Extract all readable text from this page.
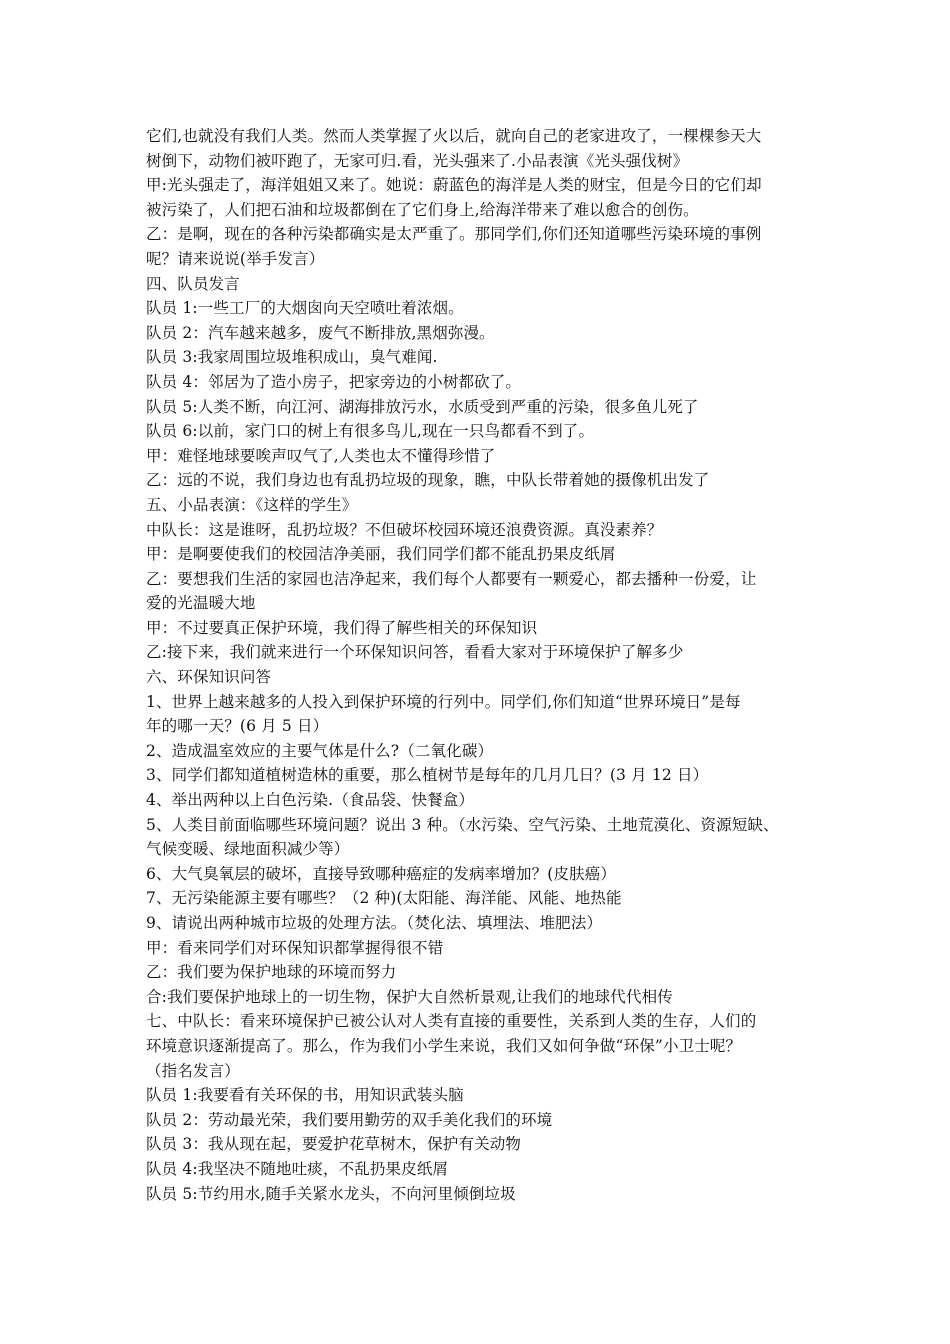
它们,也就没有我们人类。然而人类掌握了火以后，就向自己的老家进攻了，一棵棵参天大
树倒下，动物们被吓跑了，无家可归.看，光头强来了.小品表演《光头强伐树》
甲:光头强走了，海洋姐姐又来了。她说：蔚蓝色的海洋是人类的财宝，但是今日的它们却
被污染了，人们把石油和垃圾都倒在了它们身上,给海洋带来了难以愈合的创伤。
乙：是啊，现在的各种污染都确实是太严重了。那同学们,你们还知道哪些污染环境的事例
呢？请来说说(举手发言）
四、队员发言
队员 1:一些工厂的大烟囱向天空喷吐着浓烟。
队员 2：汽车越来越多，废气不断排放,黑烟弥漫。
队员 3:我家周围垃圾堆积成山，臭气难闻.
队员 4：邻居为了造小房子，把家旁边的小树都砍了。
队员 5:人类不断，向江河、湖海排放污水，水质受到严重的污染，很多鱼儿死了
队员 6:以前，家门口的树上有很多鸟儿,现在一只鸟都看不到了。
甲：难怪地球要唉声叹气了,人类也太不懂得珍惜了
乙：远的不说，我们身边也有乱扔垃圾的现象，瞧，中队长带着她的摄像机出发了
五、小品表演：《这样的学生》
中队长：这是谁呀，乱扔垃圾？不但破坏校园环境还浪费资源。真没素养？
甲：是啊要使我们的校园洁净美丽，我们同学们都不能乱扔果皮纸屑
乙：要想我们生活的家园也洁净起来，我们每个人都要有一颗爱心，都去播种一份爱，让
爱的光温暖大地
甲：不过要真正保护环境，我们得了解些相关的环保知识
乙:接下来，我们就来进行一个环保知识问答，看看大家对于环境保护了解多少
六、环保知识问答
1、世界上越来越多的人投入到保护环境的行列中。同学们,你们知道“世界环境日”是每
年的哪一天？(6 月 5 日）
2、造成温室效应的主要气体是什么?（二氧化碳）
3、同学们都知道植树造林的重要，那么植树节是每年的几月几日？(3 月 12 日）
4、举出两种以上白色污染.（食品袋、快餐盒）
5、人类目前面临哪些环境问题？说出 3 种。（水污染、空气污染、土地荒漠化、资源短缺、
气候变暖、绿地面积减少等）
6、大气臭氧层的破坏，直接导致哪种癌症的发病率增加？(皮肤癌）
7、无污染能源主要有哪些？（2 种)(太阳能、海洋能、风能、地热能
9、请说出两种城市垃圾的处理方法。（焚化法、填埋法、堆肥法）
甲：看来同学们对环保知识都掌握得很不错
乙：我们要为保护地球的环境而努力
合:我们要保护地球上的一切生物，保护大自然析景观,让我们的地球代代相传
七、中队长：看来环境保护已被公认对人类有直接的重要性，关系到人类的生存，人们的
环境意识逐渐提高了。那么，作为我们小学生来说，我们又如何争做“环保”小卫士呢？
（指名发言）
队员 1:我要看有关环保的书，用知识武装头脑
队员 2：劳动最光荣，我们要用勤劳的双手美化我们的环境
队员 3：我从现在起，要爱护花草树木，保护有关动物
队员 4:我坚决不随地吐痰，不乱扔果皮纸屑
队员 5:节约用水,随手关紧水龙头，不向河里倾倒垃圾
